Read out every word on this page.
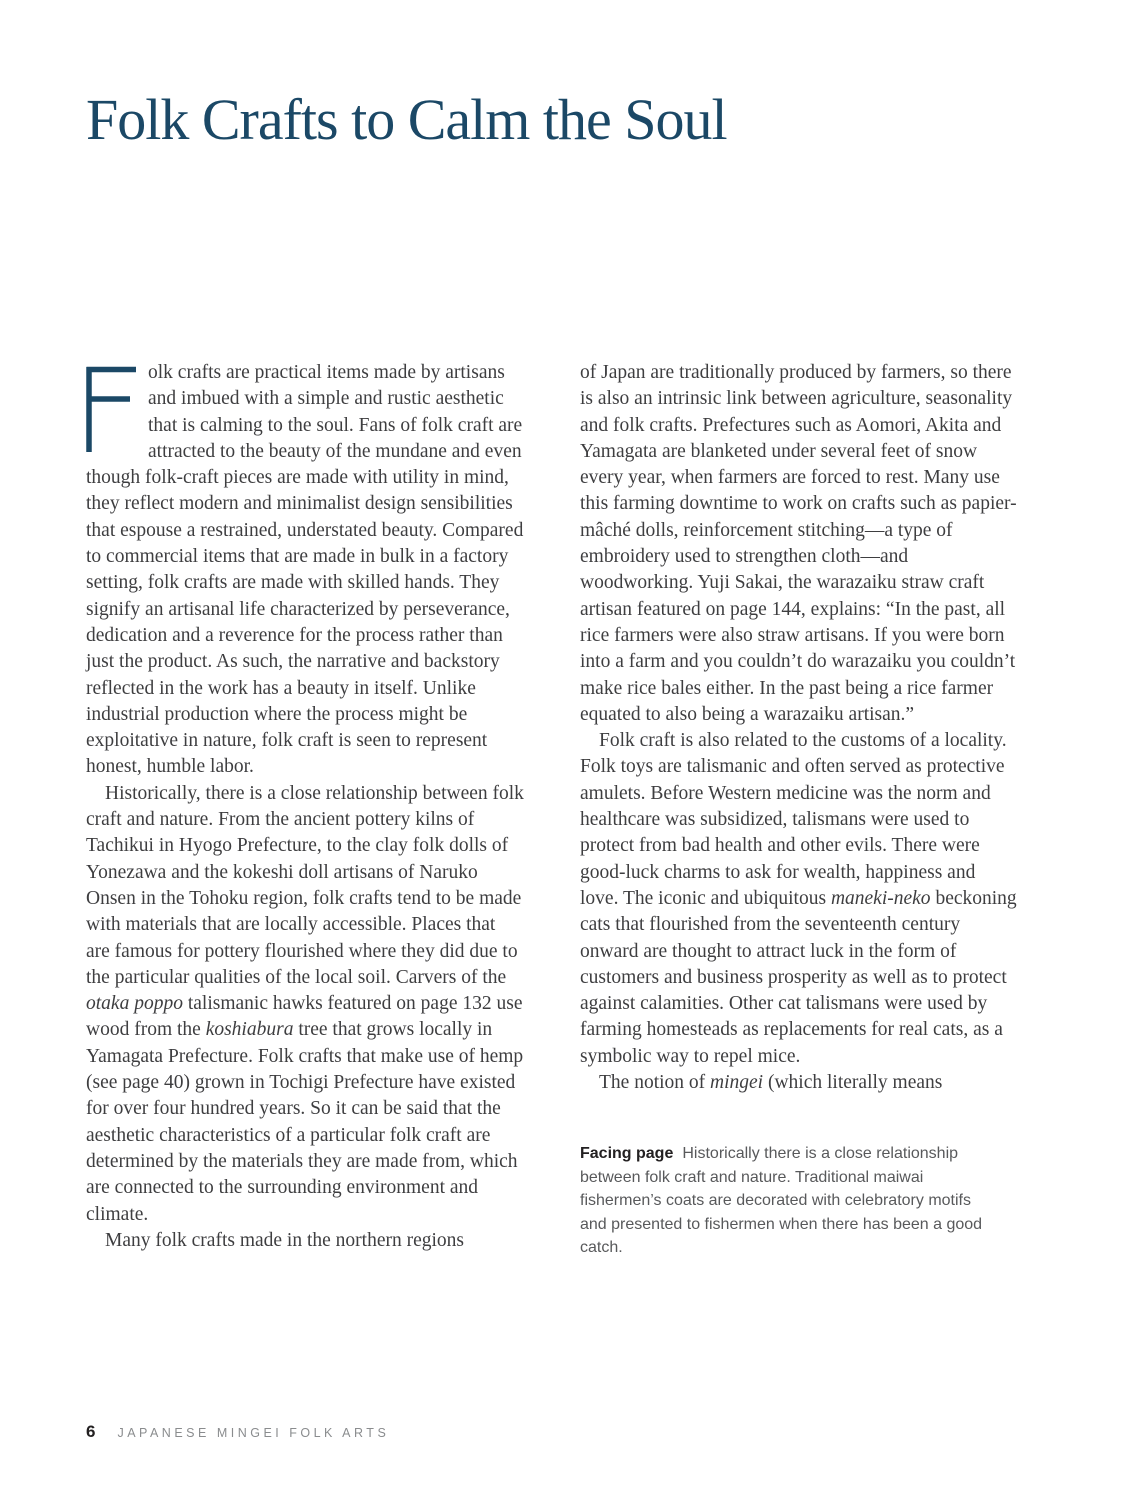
Folk Crafts to Calm the Soul

olk crafts are practical items made by artisans and imbued with a simple and rustic aesthetic that is calming to the soul. Fans of folk craft are attracted to the beauty of the mundane and even though folk-craft pieces are made with utility in mind, they reflect modern and minimalist design sensibilities that espouse a restrained, understated beauty. Compared to commercial items that are made in bulk in a factory setting, folk crafts are made with skilled hands. They signify an artisanal life characterized by perseverance, dedication and a reverence for the process rather than just the product. As such, the narrative and backstory reflected in the work has a beauty in itself. Unlike industrial production where the process might be exploitative in nature, folk craft is seen to represent honest, humble labor.

Historically, there is a close relationship between folk craft and nature. From the ancient pottery kilns of Tachikui in Hyogo Prefecture, to the clay folk dolls of Yonezawa and the kokeshi doll artisans of Naruko Onsen in the Tohoku region, folk crafts tend to be made with materials that are locally accessible. Places that are famous for pottery flourished where they did due to the particular qualities of the local soil. Carvers of the otaka poppo talismanic hawks featured on page 132 use wood from the koshiabura tree that grows locally in Yamagata Prefecture. Folk crafts that make use of hemp (see page 40) grown in Tochigi Prefecture have existed for over four hundred years. So it can be said that the aesthetic characteristics of a particular folk craft are determined by the materials they are made from, which are connected to the surrounding environment and climate.

Many folk crafts made in the northern regions

of Japan are traditionally produced by farmers, so there is also an intrinsic link between agriculture, seasonality and folk crafts. Prefectures such as Aomori, Akita and Yamagata are blanketed under several feet of snow every year, when farmers are forced to rest. Many use this farming downtime to work on crafts such as papier-mâché dolls, reinforcement stitching—a type of embroidery used to strengthen cloth—and woodworking. Yuji Sakai, the warazaiku straw craft artisan featured on page 144, explains: “In the past, all rice farmers were also straw artisans. If you were born into a farm and you couldn’t do warazaiku you couldn’t make rice bales either. In the past being a rice farmer equated to also being a warazaiku artisan.”

Folk craft is also related to the customs of a locality. Folk toys are talismanic and often served as protective amulets. Before Western medicine was the norm and healthcare was subsidized, talismans were used to protect from bad health and other evils. There were good-luck charms to ask for wealth, happiness and love. The iconic and ubiquitous maneki-neko beckoning cats that flourished from the seventeenth century onward are thought to attract luck in the form of customers and business prosperity as well as to protect against calamities. Other cat talismans were used by farming homesteads as replacements for real cats, as a symbolic way to repel mice.

The notion of mingei (which literally means

Facing page Historically there is a close relationship between folk craft and nature. Traditional maiwai fishermen’s coats are decorated with celebratory motifs and presented to fishermen when there has been a good catch.
6 JAPANESE MINGEI FOLK ARTS
